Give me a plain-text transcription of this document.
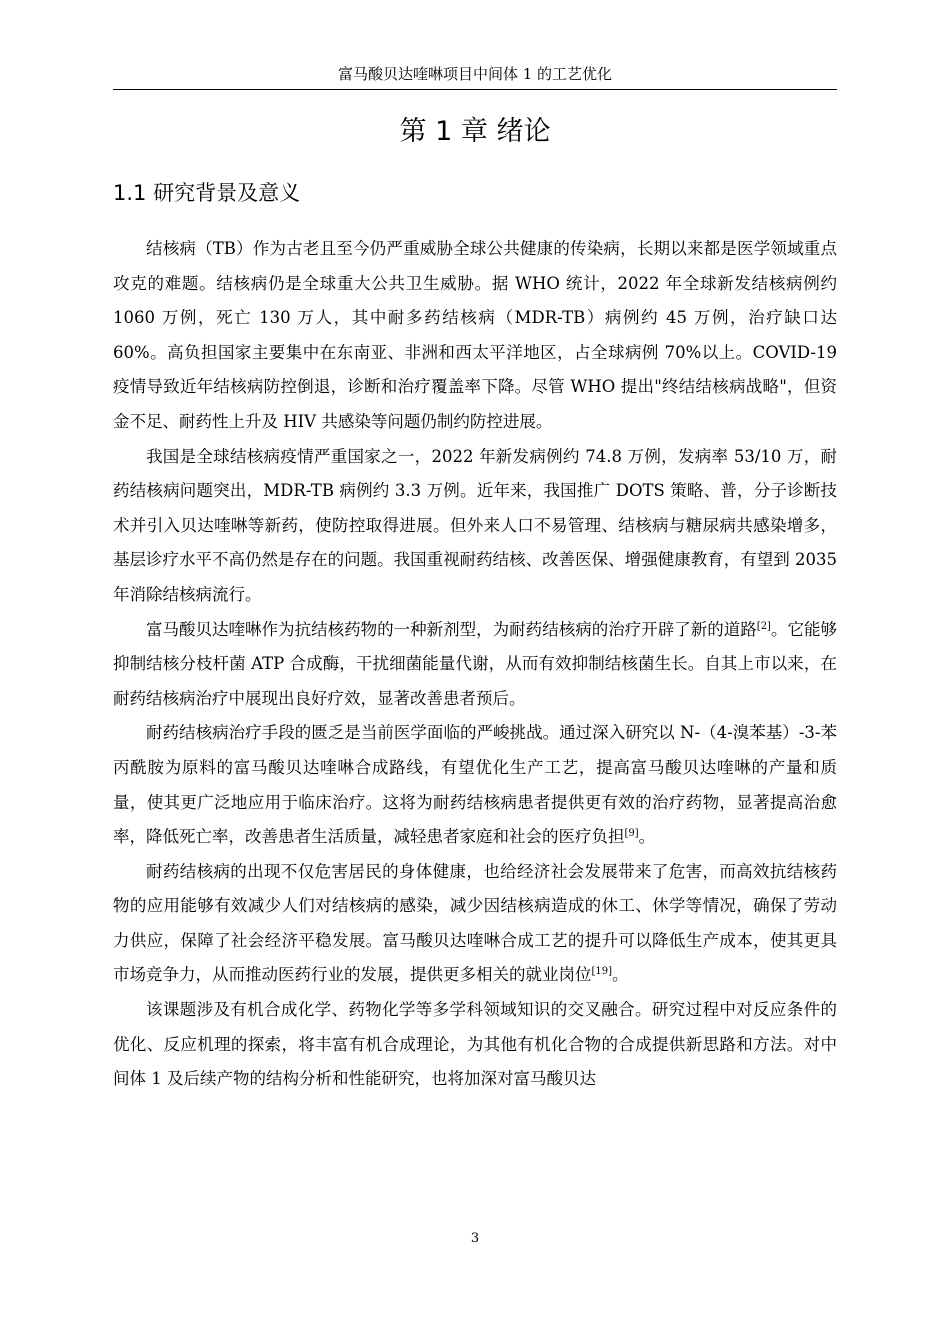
富马酸贝达喹啉项目中间体 1 的工艺优化
第 1 章 绪论
1.1 研究背景及意义

结核病（TB）作为古老且至今仍严重威胁全球公共健康的传染病，长期以来都是医学领域重点攻克的难题。结核病仍是全球重大公共卫生威胁。据 WHO 统计，2022 年全球新发结核病例约 1060 万例，死亡 130 万人，其中耐多药结核病（MDR-TB）病例约 45 万例，治疗缺口达 60%。高负担国家主要集中在东南亚、非洲和西太平洋地区，占全球病例 70%以上。COVID-19 疫情导致近年结核病防控倒退，诊断和治疗覆盖率下降。尽管 WHO 提出"终结结核病战略"，但资金不足、耐药性上升及 HIV 共感染等问题仍制约防控进展。

我国是全球结核病疫情严重国家之一，2022 年新发病例约 74.8 万例，发病率 53/10 万，耐药结核病问题突出，MDR-TB 病例约 3.3 万例。近年来，我国推广 DOTS 策略、普，分子诊断技术并引入贝达喹啉等新药，使防控取得进展。但外来人口不易管理、结核病与糖尿病共感染增多，基层诊疗水平不高仍然是存在的问题。我国重视耐药结核、改善医保、增强健康教育，有望到 2035 年消除结核病流行。

富马酸贝达喹啉作为抗结核药物的一种新剂型，为耐药结核病的治疗开辟了新的道路[2]。它能够抑制结核分枝杆菌 ATP 合成酶，干扰细菌能量代谢，从而有效抑制结核菌生长。自其上市以来，在耐药结核病治疗中展现出良好疗效，显著改善患者预后。

耐药结核病治疗手段的匮乏是当前医学面临的严峻挑战。通过深入研究以 N-（4-溴苯基）-3-苯丙酰胺为原料的富马酸贝达喹啉合成路线，有望优化生产工艺，提高富马酸贝达喹啉的产量和质量，使其更广泛地应用于临床治疗。这将为耐药结核病患者提供更有效的治疗药物，显著提高治愈率，降低死亡率，改善患者生活质量，减轻患者家庭和社会的医疗负担[9]。

耐药结核病的出现不仅危害居民的身体健康，也给经济社会发展带来了危害，而高效抗结核药物的应用能够有效减少人们对结核病的感染，减少因结核病造成的休工、休学等情况，确保了劳动力供应，保障了社会经济平稳发展。富马酸贝达喹啉合成工艺的提升可以降低生产成本，使其更具市场竞争力，从而推动医药行业的发展，提供更多相关的就业岗位[19]。

该课题涉及有机合成化学、药物化学等多学科领域知识的交叉融合。研究过程中对反应条件的优化、反应机理的探索，将丰富有机合成理论，为其他有机化合物的合成提供新思路和方法。对中间体 1 及后续产物的结构分析和性能研究，也将加深对富马酸贝达

3
